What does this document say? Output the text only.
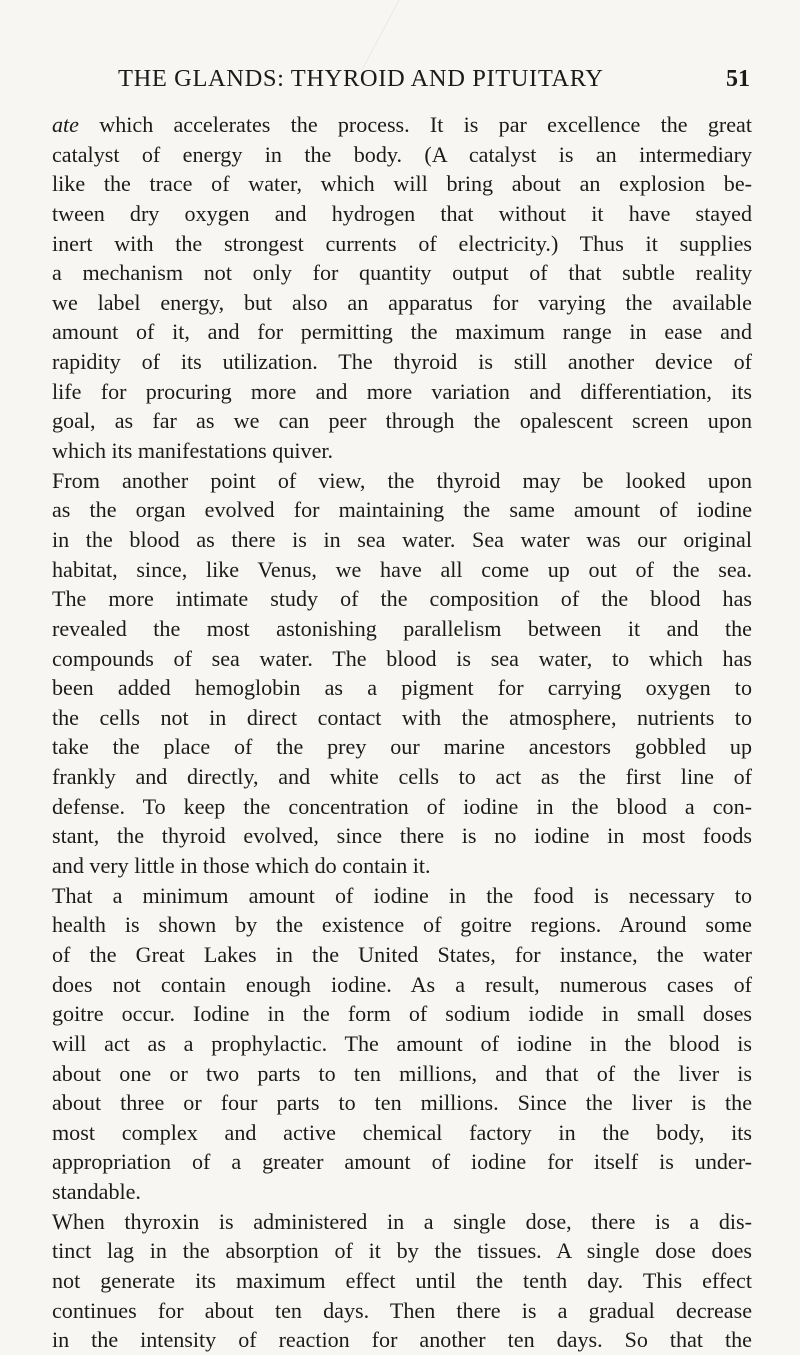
THE GLANDS: THYROID AND PITUITARY	51
ate which accelerates the process. It is par excellence the great
catalyst of energy in the body. (A catalyst is an intermediary
like the trace of water, which will bring about an explosion be-
tween dry oxygen and hydrogen that without it have stayed
inert with the strongest currents of electricity.) Thus it supplies
a mechanism not only for quantity output of that subtle reality
we label energy, but also an apparatus for varying the available
amount of it, and for permitting the maximum range in ease and
rapidity of its utilization. The thyroid is still another device of
life for procuring more and more variation and differentiation, its
goal, as far as we can peer through the opalescent screen upon
which its manifestations quiver.
From another point of view, the thyroid may be looked upon
as the organ evolved for maintaining the same amount of iodine
in the blood as there is in sea water. Sea water was our original
habitat, since, like Venus, we have all come up out of the sea.
The more intimate study of the composition of the blood has
revealed the most astonishing parallelism between it and the
compounds of sea water. The blood is sea water, to which has
been added hemoglobin as a pigment for carrying oxygen to
the cells not in direct contact with the atmosphere, nutrients to
take the place of the prey our marine ancestors gobbled up
frankly and directly, and white cells to act as the first line of
defense. To keep the concentration of iodine in the blood a con-
stant, the thyroid evolved, since there is no iodine in most foods
and very little in those which do contain it.
That a minimum amount of iodine in the food is necessary to
health is shown by the existence of goitre regions. Around some
of the Great Lakes in the United States, for instance, the water
does not contain enough iodine. As a result, numerous cases of
goitre occur. Iodine in the form of sodium iodide in small doses
will act as a prophylactic. The amount of iodine in the blood is
about one or two parts to ten millions, and that of the liver is
about three or four parts to ten millions. Since the liver is the
most complex and active chemical factory in the body, its
appropriation of a greater amount of iodine for itself is under-
standable.
When thyroxin is administered in a single dose, there is a dis-
tinct lag in the absorption of it by the tissues. A single dose does
not generate its maximum effect until the tenth day. This effect
continues for about ten days. Then there is a gradual decrease
in the intensity of reaction for another ten days. So that the
